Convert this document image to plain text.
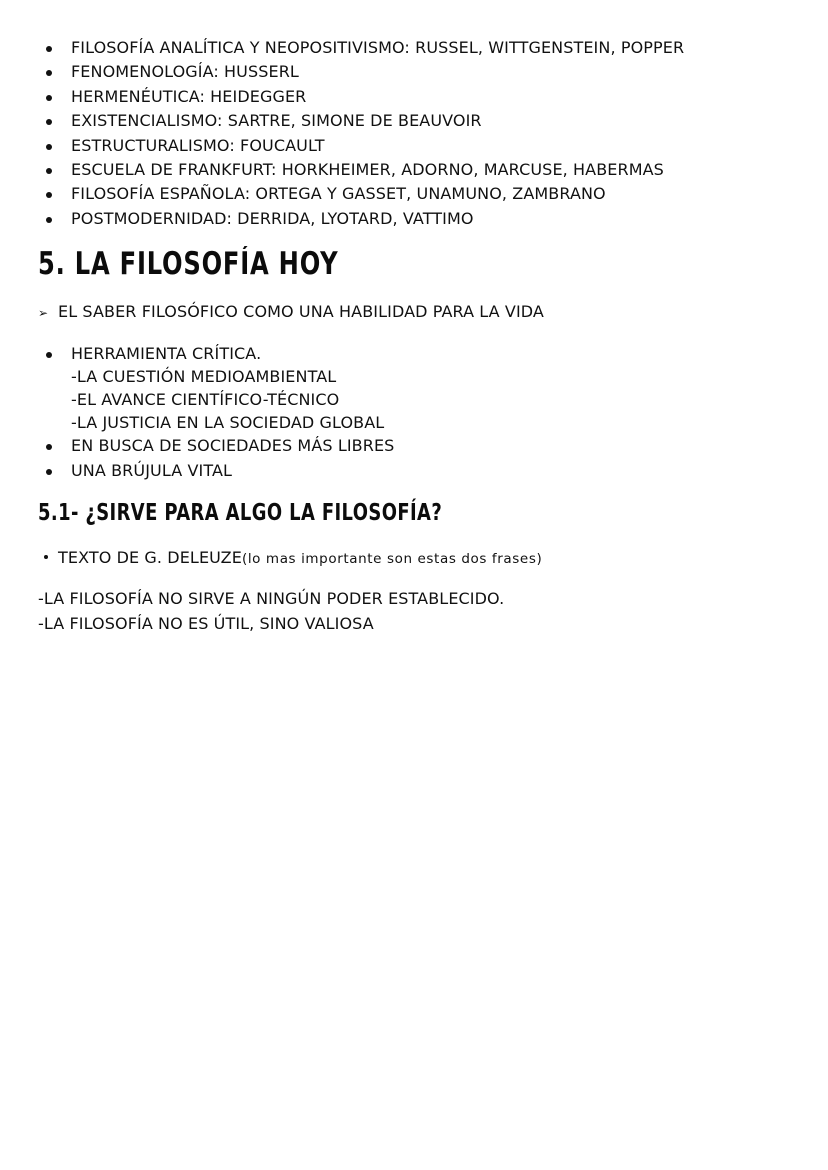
FILOSOFÍA ANALÍTICA Y NEOPOSITIVISMO: RUSSEL, WITTGENSTEIN, POPPER
FENOMENOLOGÍA: HUSSERL
HERMENÉUTICA: HEIDEGGER
EXISTENCIALISMO: SARTRE, SIMONE DE BEAUVOIR
ESTRUCTURALISMO: FOUCAULT
ESCUELA DE FRANKFURT: HORKHEIMER, ADORNO, MARCUSE, HABERMAS
FILOSOFÍA ESPAÑOLA: ORTEGA Y GASSET, UNAMUNO, ZAMBRANO
POSTMODERNIDAD: DERRIDA, LYOTARD, VATTIMO
5. LA FILOSOFÍA HOY
➢ EL SABER FILOSÓFICO COMO UNA HABILIDAD PARA LA VIDA
HERRAMIENTA CRÍTICA.
-LA CUESTIÓN MEDIOAMBIENTAL
-EL AVANCE CIENTÍFICO-TÉCNICO
-LA JUSTICIA EN LA SOCIEDAD GLOBAL
EN BUSCA DE SOCIEDADES MÁS LIBRES
UNA BRÚJULA VITAL
5.1- ¿SIRVE PARA ALGO LA FILOSOFÍA?
TEXTO DE G. DELEUZE(lo mas importante son estas dos frases)
-LA FILOSOFÍA NO SIRVE A NINGÚN PODER ESTABLECIDO.
-LA FILOSOFÍA NO ES ÚTIL, SINO VALIOSA
